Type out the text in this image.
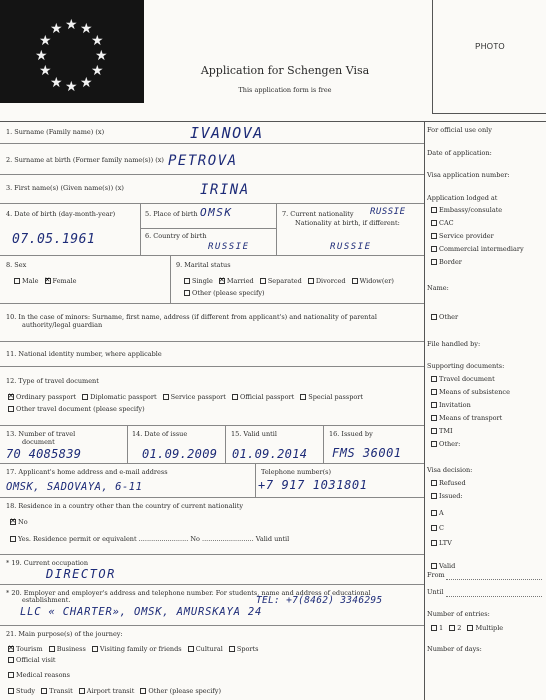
★ ★
★
★
★
★
★
★
★
★
★
★
PHOTO
Application for Schengen Visa
This application form is free
1. Surname (Family name) (x)	IVANOVA
2. Surname at birth (Former family name(s)) (x) PETROVA
3. First name(s) (Given name(s)) (x)	IRINA
4. Date of birth (day-month-year)
07.05.1961
5. Place of birth OMSK
6. Country of birth
RUSSIE
7. Current nationality RUSSIE
Nationality at birth, if different:
RUSSIE
8. Sex
Male ✕ Female
9. Marital status
Single ✕ Married Separated Divorced Widow(er)
Other (please specify)
10. In the case of minors: Surname, first name, address (if different from applicant's) and nationality of parental
authority/legal guardian
11. National identity number, where applicable
12. Type of travel document
✕Ordinary passport Diplomatic passport Service passport Official passport Special passport
Other travel document (please specify)
13. Number of travel
document
70 4085839
14. Date of issue
01.09.2009
15. Valid until
01.09.2014
16. Issued by
FMS 36001
17. Applicant's home address and e-mail address
OMSK, SADOVAYA, 6-11
Telephone number(s)
+7 917 1031801
18. Residence in a country other than the country of current nationality
✕No
Yes. Residence permit or equivalent ........................ No ......................... Valid until
* 19. Current occupation
DIRECTOR
* 20. Employer and employer's address and telephone number. For students, name and address of educational
establishment.	TEL: +7(8462) 3346295
LLC « CHARTER», OMSK, AMURSKAYA 24
21. Main purpose(s) of the journey:
✕Tourism Business Visiting family or friends Cultural Sports
Official visit
Medical reasons
Study Transit Airport transit Other (please specify)
For official use only
Date of application:
Visa application number:
Application lodged at
Embassy/consulate
CAC
Service provider
Commercial intermediary
Border
Name:
Other
File handled by:
Supporting documents:
Travel document
Means of subsistence
Invitation
Means of transport
TMI
Other:
Visa decision:
Refused
Issued:
A
C
LTV
Valid
From
Until
Number of entries:
1 2 Multiple
Number of days:
